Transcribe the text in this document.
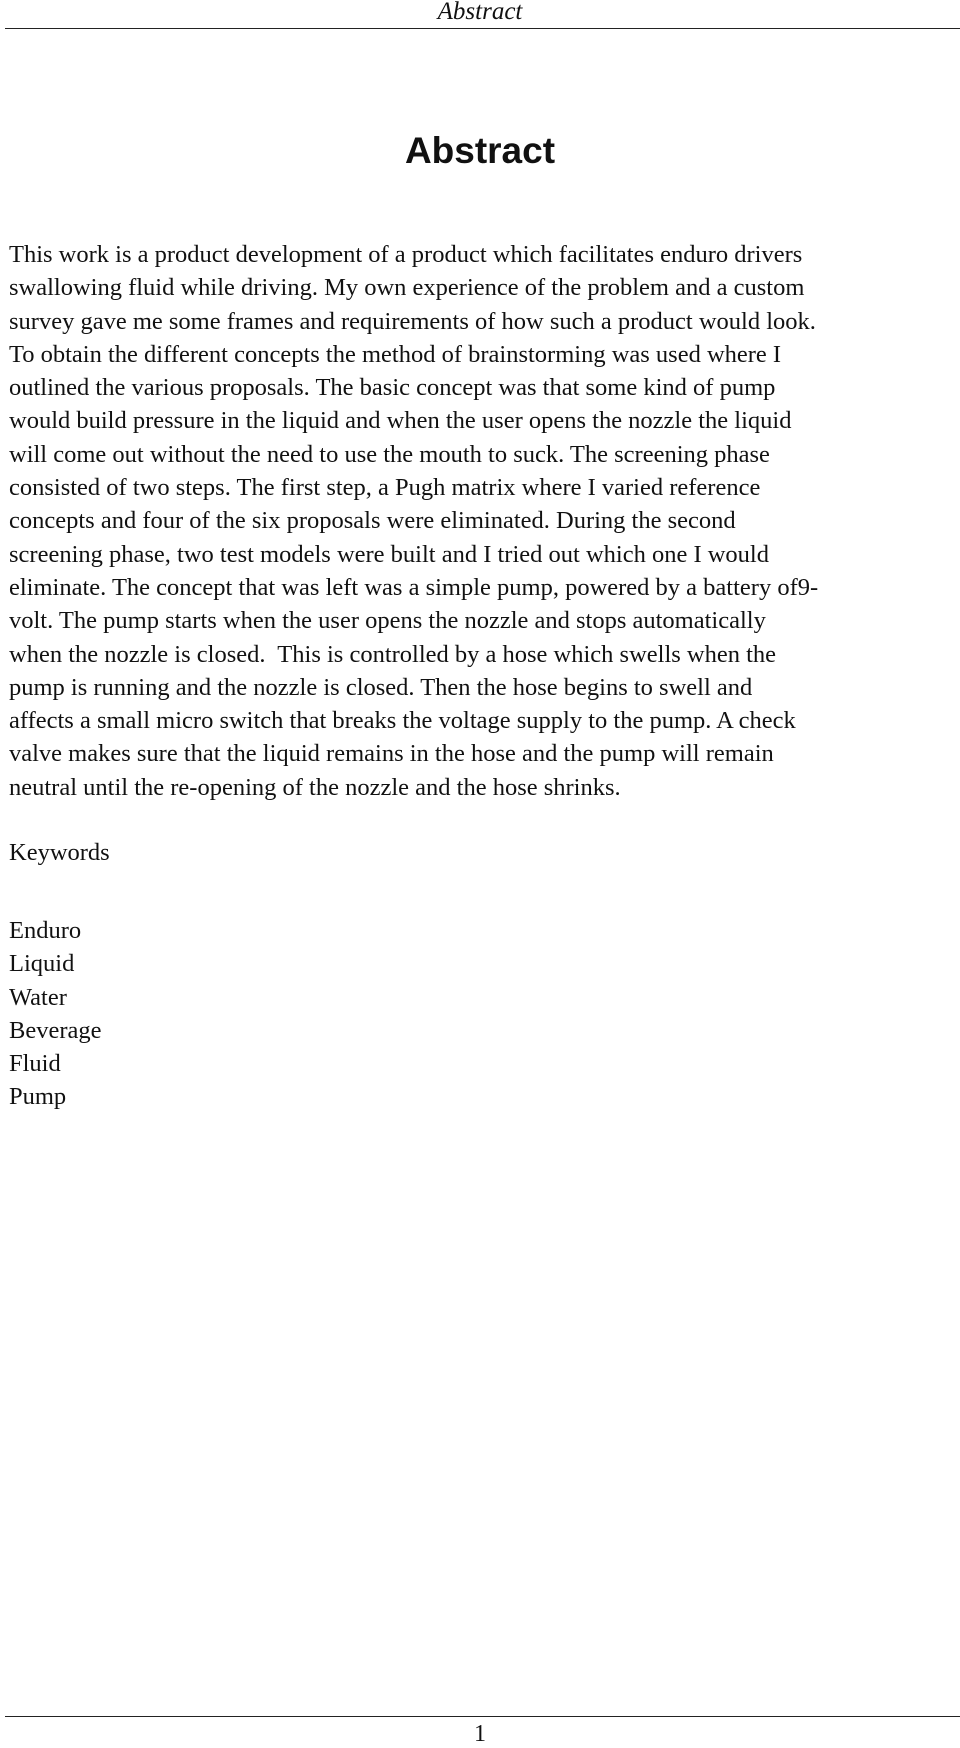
Abstract
Abstract
This work is a product development of a product which facilitates enduro drivers
swallowing fluid while driving. My own experience of the problem and a custom
survey gave me some frames and requirements of how such a product would look.
To obtain the different concepts the method of brainstorming was used where I
outlined the various proposals. The basic concept was that some kind of pump
would build pressure in the liquid and when the user opens the nozzle the liquid
will come out without the need to use the mouth to suck. The screening phase
consisted of two steps. The first step, a Pugh matrix where I varied reference
concepts and four of the six proposals were eliminated. During the second
screening phase, two test models were built and I tried out which one I would
eliminate. The concept that was left was a simple pump, powered by a battery of9-
volt. The pump starts when the user opens the nozzle and stops automatically
when the nozzle is closed.  This is controlled by a hose which swells when the
pump is running and the nozzle is closed. Then the hose begins to swell and
affects a small micro switch that breaks the voltage supply to the pump. A check
valve makes sure that the liquid remains in the hose and the pump will remain
neutral until the re-opening of the nozzle and the hose shrinks.
Keywords
Enduro
Liquid
Water
Beverage
Fluid
Pump
1
